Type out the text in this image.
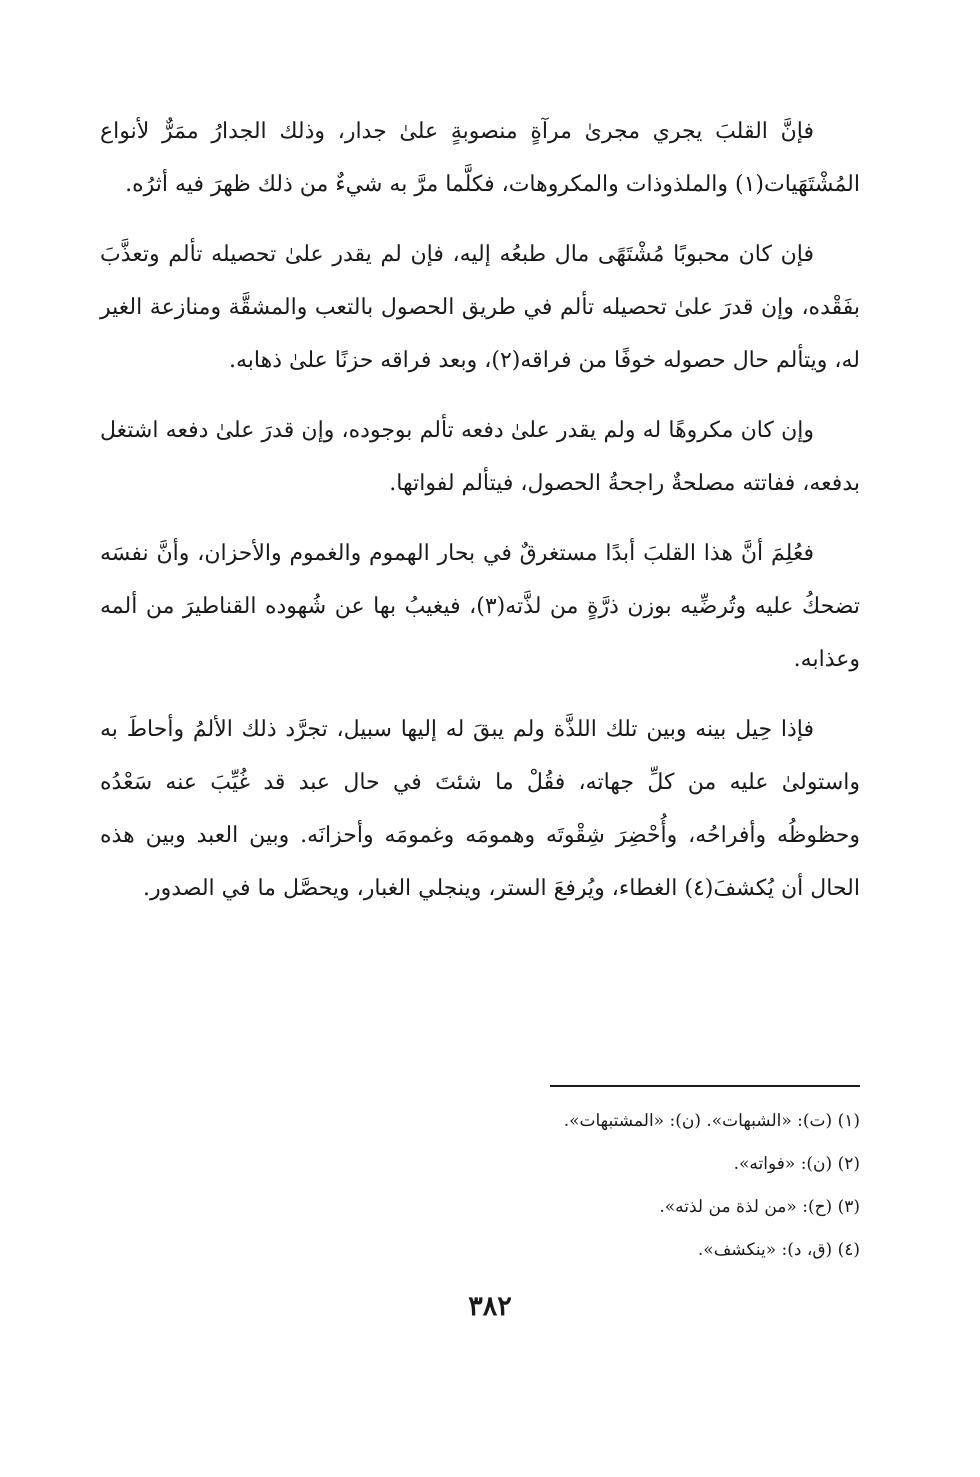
فإنَّ القلبَ يجري مجرىٰ مرآةٍ منصوبةٍ علىٰ جدار، وذلك الجدارُ ممَرٌّ لأنواع المُشْتَهَيات(١) والملذوذات والمكروهات، فكلَّما مرَّ به شيءٌ من ذلك ظهرَ فيه أثرُه.

فإن كان محبوبًا مُشْتَهًى مال طبعُه إليه، فإن لم يقدر علىٰ تحصيله تألم وتعذَّبَ بفَقْده، وإن قدرَ علىٰ تحصيله تألم في طريق الحصول بالتعب والمشقَّة ومنازعة الغير له، ويتألم حال حصوله خوفًا من فراقه(٢)، وبعد فراقه حزنًا علىٰ ذهابه.

وإن كان مكروهًا له ولم يقدر علىٰ دفعه تألم بوجوده، وإن قدرَ علىٰ دفعه اشتغل بدفعه، ففاتته مصلحةٌ راجحةُ الحصول، فيتألم لفواتها.

فعُلِمَ أنَّ هذا القلبَ أبدًا مستغرقٌ في بحار الهموم والغموم والأحزان، وأنَّ نفسَه تضحكُ عليه وتُرضِّيه بوزن ذرَّةٍ من لذَّته(٣)، فيغيبُ بها عن شُهوده القناطيرَ من ألمه وعذابه.

فإذا حِيل بينه وبين تلك اللذَّة ولم يبقَ له إليها سبيل، تجرَّد ذلك الألمُ وأحاطَ به واستولىٰ عليه من كلِّ جهاته، فقُلْ ما شئتَ في حال عبد قد غُيِّبَ عنه سَعْدُه وحظوظُه وأفراحُه، وأُحْضِرَ شِقْوتَه وهمومَه وغمومَه وأحزانَه. وبين العبد وبين هذه الحال أن يُكشفَ(٤) الغطاء، ويُرفعَ الستر، وينجلي الغبار، ويحصَّل ما في الصدور.

(١) (ت): «الشبهات». (ن): «المشتبهات».
(٢) (ن): «فواته».
(٣) (ح): «من لذة من لذته».
(٤) (ق، د): «ينكشف».
٣٨٢
